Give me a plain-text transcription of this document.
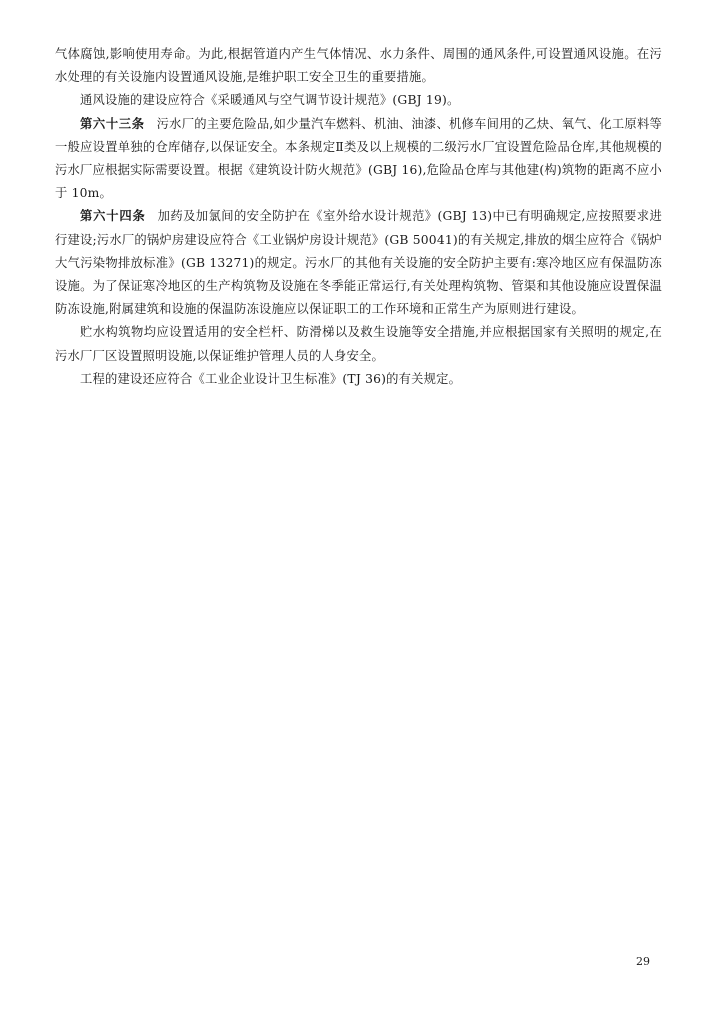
气体腐蚀,影响使用寿命。为此,根据管道内产生气体情况、水力条件、周围的通风条件,可设置通风设施。在污水处理的有关设施内设置通风设施,是维护职工安全卫生的重要措施。

通风设施的建设应符合《采暖通风与空气调节设计规范》(GBJ 19)。

第六十三条 污水厂的主要危险品,如少量汽车燃料、机油、油漆、机修车间用的乙炔、氧气、化工原料等一般应设置单独的仓库储存,以保证安全。本条规定Ⅱ类及以上规模的二级污水厂宜设置危险品仓库,其他规模的污水厂应根据实际需要设置。根据《建筑设计防火规范》(GBJ 16),危险品仓库与其他建(构)筑物的距离不应小于 10m。

第六十四条 加药及加氯间的安全防护在《室外给水设计规范》(GBJ 13)中已有明确规定,应按照要求进行建设;污水厂的锅炉房建设应符合《工业锅炉房设计规范》(GB 50041)的有关规定,排放的烟尘应符合《锅炉大气污染物排放标准》(GB 13271)的规定。污水厂的其他有关设施的安全防护主要有:寒冷地区应有保温防冻设施。为了保证寒冷地区的生产构筑物及设施在冬季能正常运行,有关处理构筑物、管渠和其他设施应设置保温防冻设施,附属建筑和设施的保温防冻设施应以保证职工的工作环境和正常生产为原则进行建设。

贮水构筑物均应设置适用的安全栏杆、防滑梯以及救生设施等安全措施,并应根据国家有关照明的规定,在污水厂厂区设置照明设施,以保证维护管理人员的人身安全。

工程的建设还应符合《工业企业设计卫生标准》(TJ 36)的有关规定。

29
